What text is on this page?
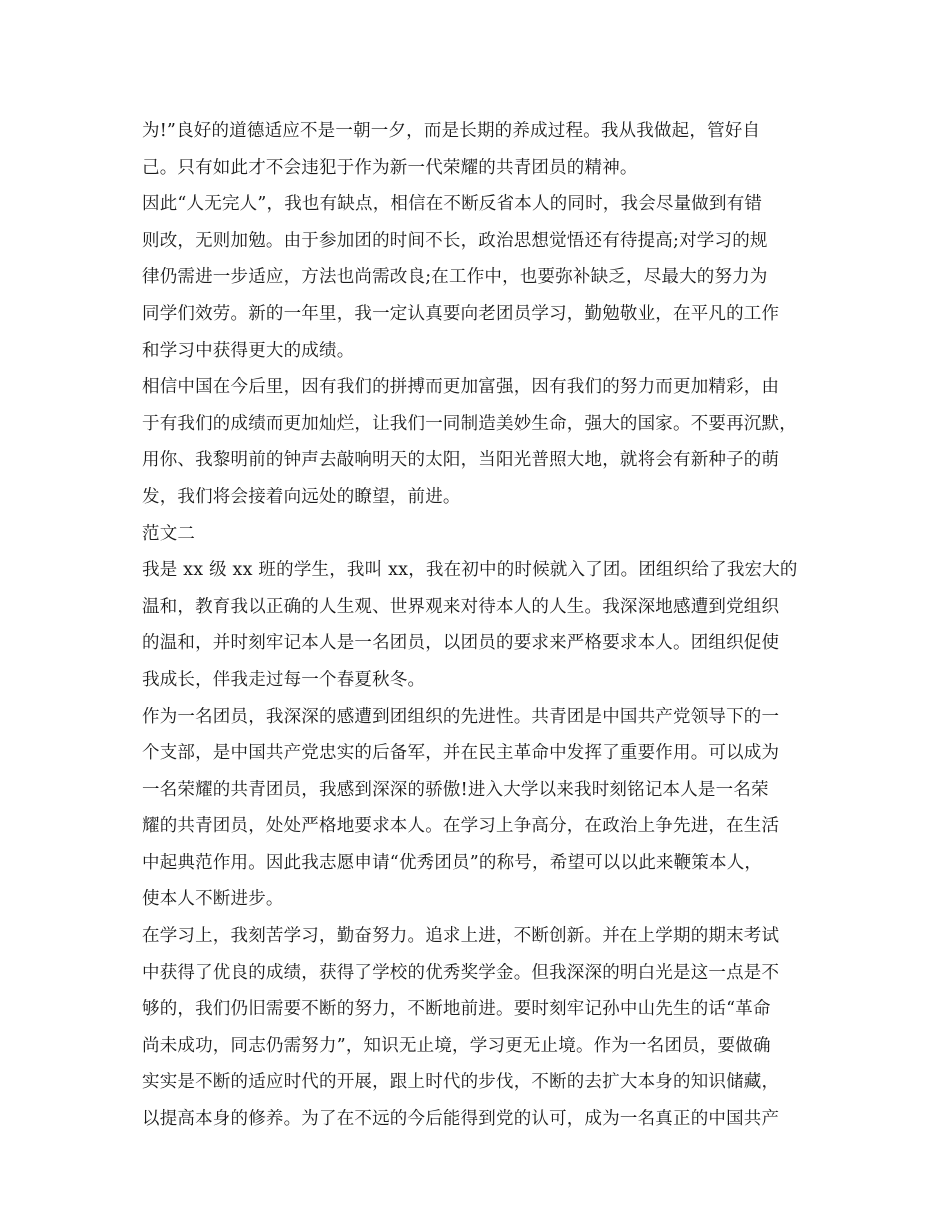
为!”良好的道德适应不是一朝一夕，而是长期的养成过程。我从我做起，管好自
己。只有如此才不会违犯于作为新一代荣耀的共青团员的精神。
因此“人无完人”，我也有缺点，相信在不断反省本人的同时，我会尽量做到有错
则改，无则加勉。由于参加团的时间不长，政治思想觉悟还有待提高;对学习的规
律仍需进一步适应，方法也尚需改良;在工作中，也要弥补缺乏，尽最大的努力为
同学们效劳。新的一年里，我一定认真要向老团员学习，勤勉敬业，在平凡的工作
和学习中获得更大的成绩。
相信中国在今后里，因有我们的拼搏而更加富强，因有我们的努力而更加精彩，由
于有我们的成绩而更加灿烂，让我们一同制造美妙生命，强大的国家。不要再沉默，
用你、我黎明前的钟声去敲响明天的太阳，当阳光普照大地，就将会有新种子的萌
发，我们将会接着向远处的瞭望，前进。
范文二
我是 xx 级 xx 班的学生，我叫 xx，我在初中的时候就入了团。团组织给了我宏大的
温和，教育我以正确的人生观、世界观来对待本人的人生。我深深地感遭到党组织
的温和，并时刻牢记本人是一名团员，以团员的要求来严格要求本人。团组织促使
我成长，伴我走过每一个春夏秋冬。
作为一名团员，我深深的感遭到团组织的先进性。共青团是中国共产党领导下的一
个支部，是中国共产党忠实的后备军，并在民主革命中发挥了重要作用。可以成为
一名荣耀的共青团员，我感到深深的骄傲!进入大学以来我时刻铭记本人是一名荣
耀的共青团员，处处严格地要求本人。在学习上争高分，在政治上争先进，在生活
中起典范作用。因此我志愿申请“优秀团员”的称号，希望可以以此来鞭策本人，
使本人不断进步。
在学习上，我刻苦学习，勤奋努力。追求上进，不断创新。并在上学期的期末考试
中获得了优良的成绩，获得了学校的优秀奖学金。但我深深的明白光是这一点是不
够的，我们仍旧需要不断的努力，不断地前进。要时刻牢记孙中山先生的话“革命
尚未成功，同志仍需努力”，知识无止境，学习更无止境。作为一名团员，要做确
实实是不断的适应时代的开展，跟上时代的步伐，不断的去扩大本身的知识储藏，
以提高本身的修养。为了在不远的今后能得到党的认可，成为一名真正的中国共产
